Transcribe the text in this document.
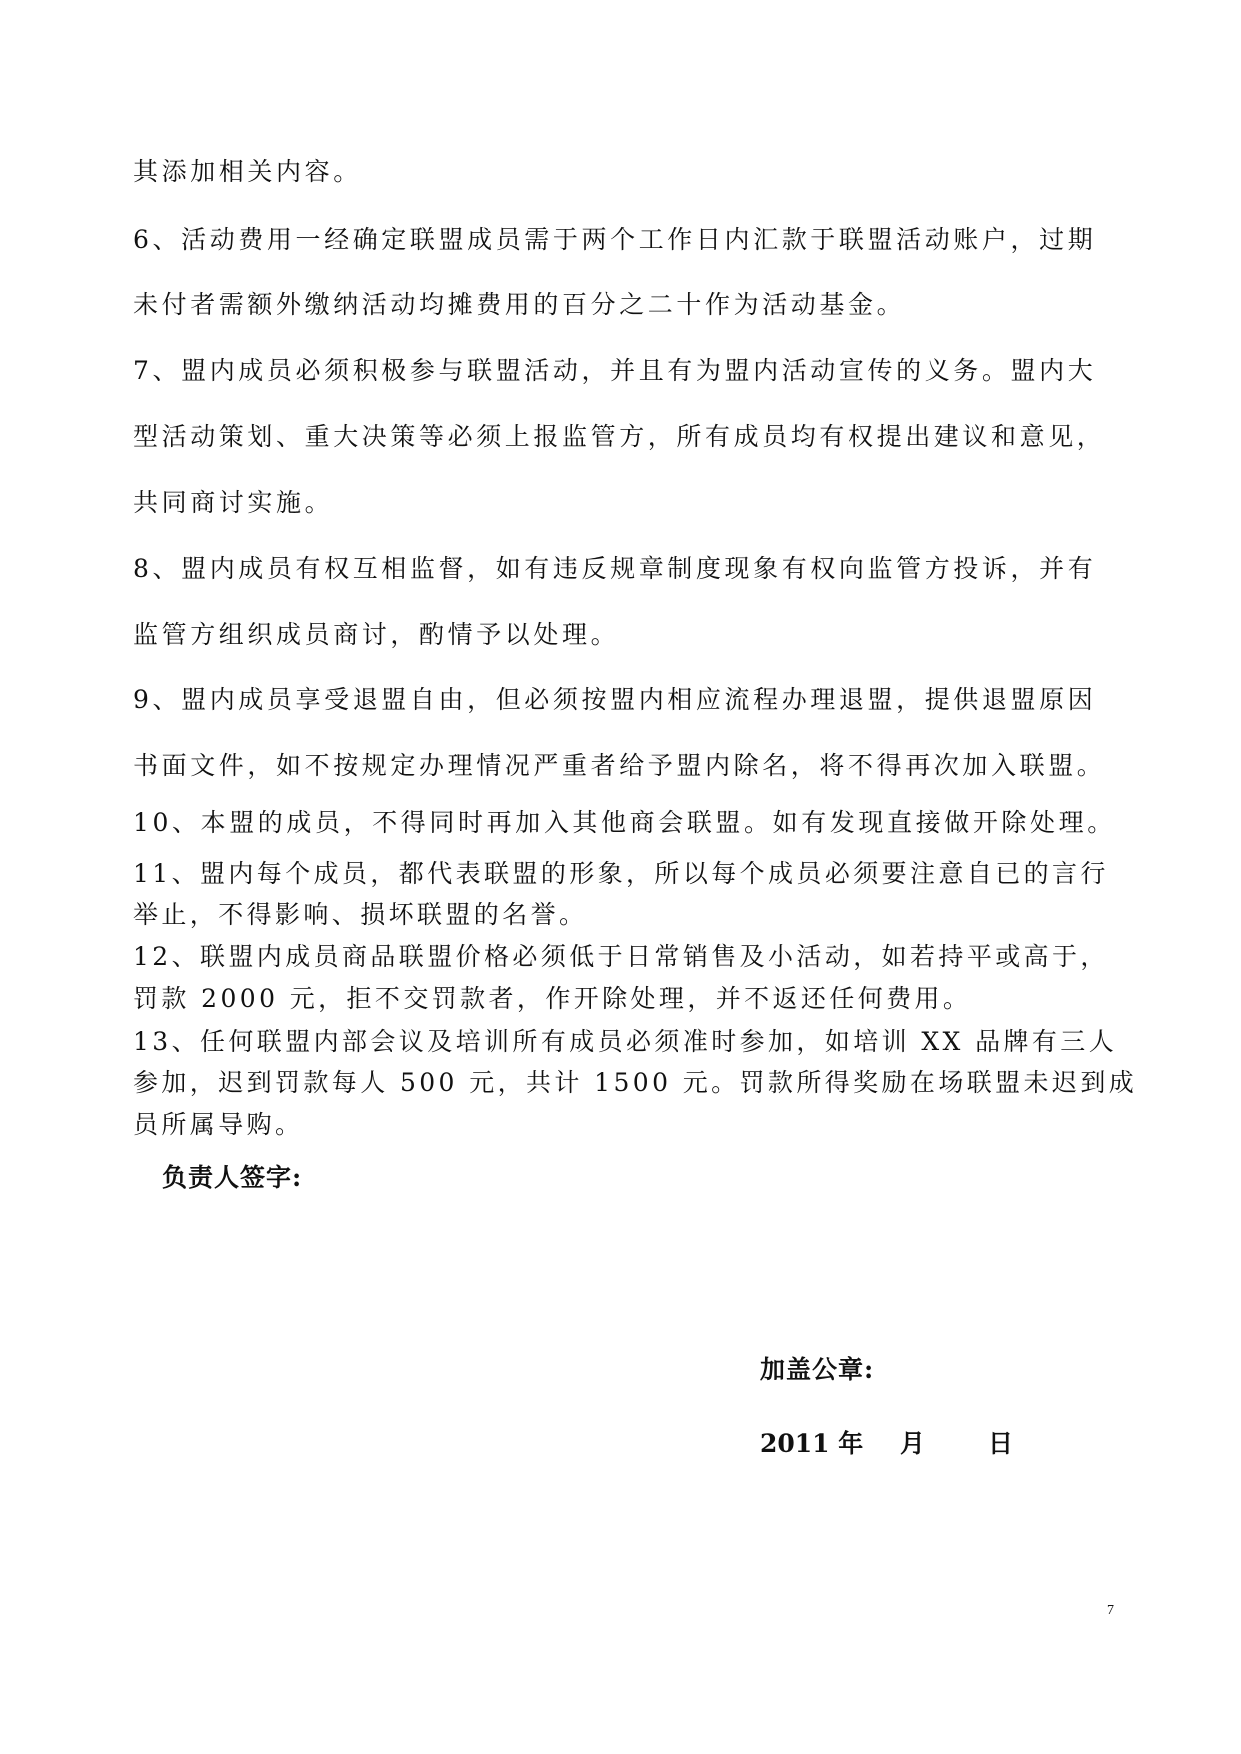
其添加相关内容。

6、活动费用一经确定联盟成员需于两个工作日内汇款于联盟活动账户，过期

未付者需额外缴纳活动均摊费用的百分之二十作为活动基金。

7、盟内成员必须积极参与联盟活动，并且有为盟内活动宣传的义务。盟内大

型活动策划、重大决策等必须上报监管方，所有成员均有权提出建议和意见，

共同商讨实施。

8、盟内成员有权互相监督，如有违反规章制度现象有权向监管方投诉，并有

监管方组织成员商讨，酌情予以处理。

9、盟内成员享受退盟自由，但必须按盟内相应流程办理退盟，提供退盟原因

书面文件，如不按规定办理情况严重者给予盟内除名，将不得再次加入联盟。

10、本盟的成员，不得同时再加入其他商会联盟。如有发现直接做开除处理。

11、盟内每个成员，都代表联盟的形象，所以每个成员必须要注意自已的言行

举止，不得影响、损坏联盟的名誉。

12、联盟内成员商品联盟价格必须低于日常销售及小活动，如若持平或高于，

罚款 2000 元，拒不交罚款者，作开除处理，并不返还任何费用。

13、任何联盟内部会议及培训所有成员必须准时参加，如培训 XX 品牌有三人

参加，迟到罚款每人 500 元，共计 1500 元。罚款所得奖励在场联盟未迟到成

员所属导购。

负责人签字:

加盖公章:

2011 年 月	日
7
